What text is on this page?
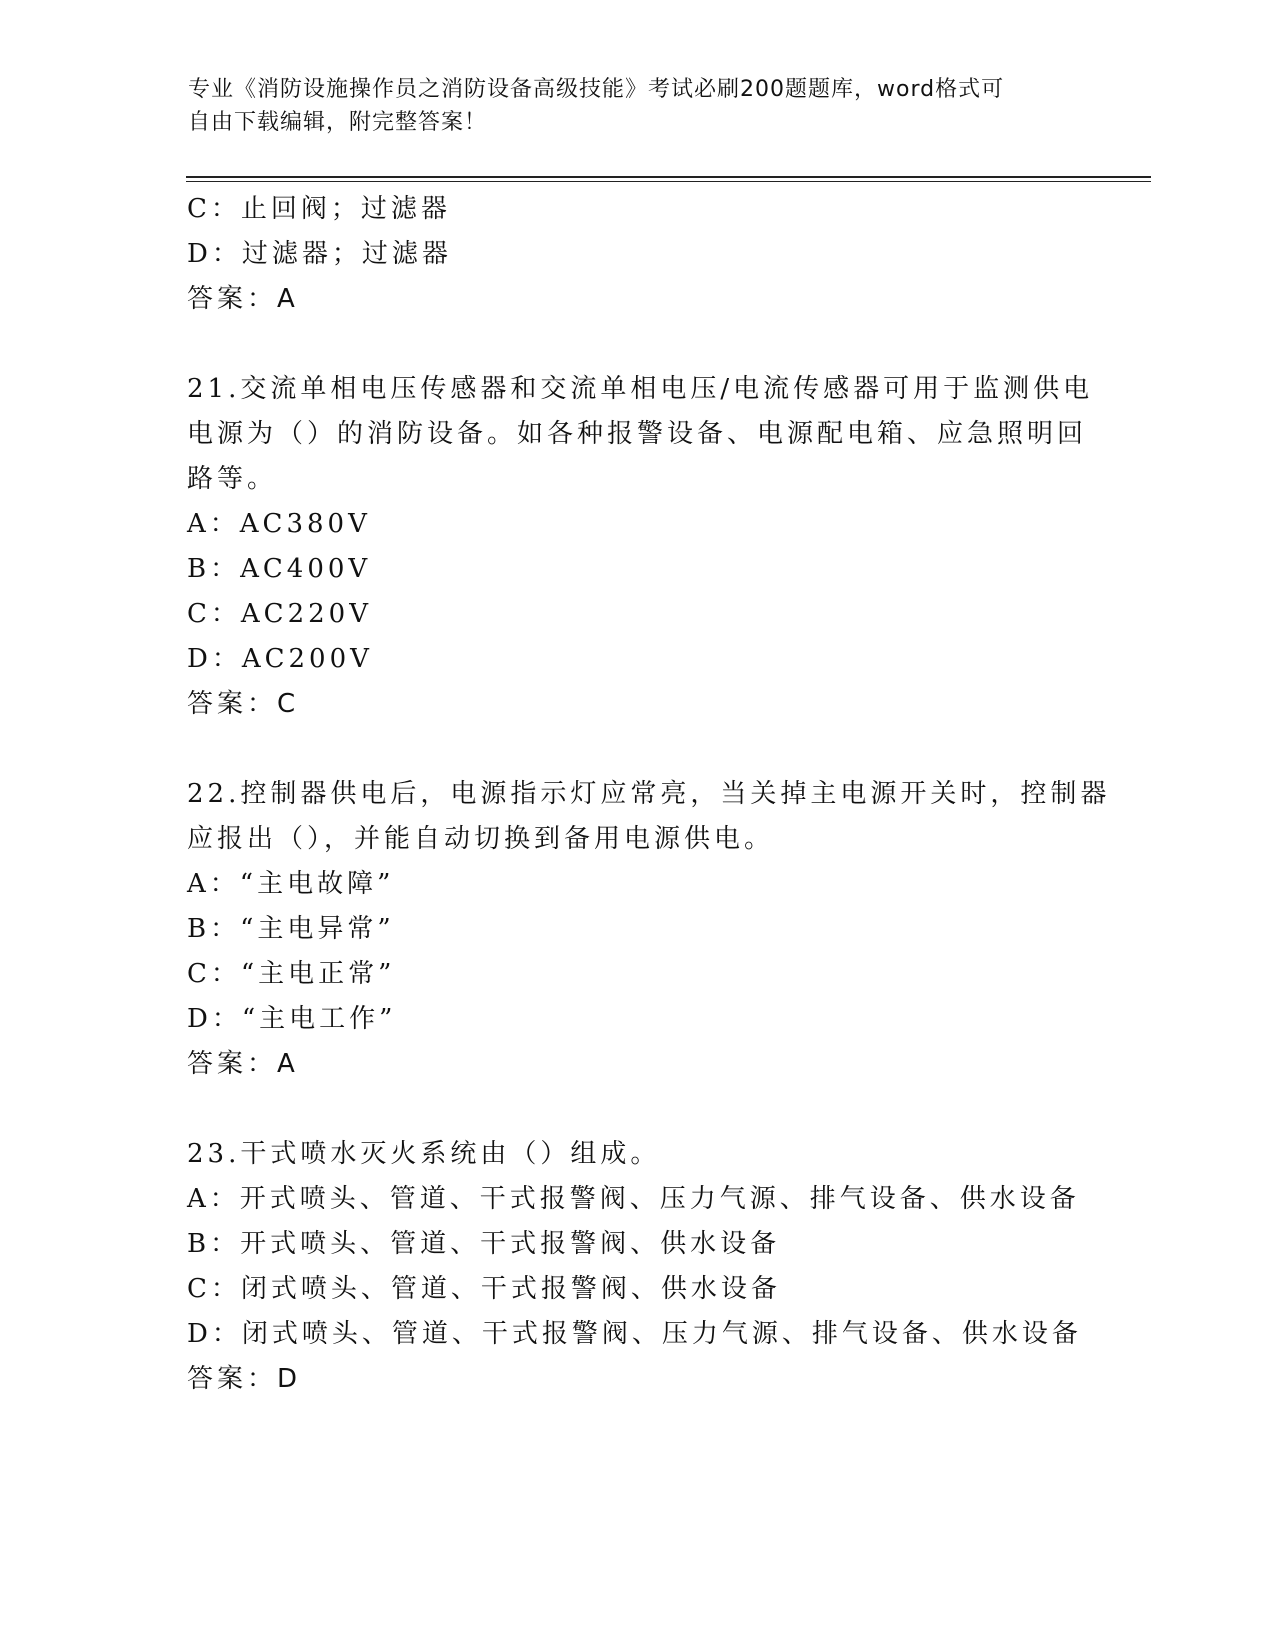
专业《消防设施操作员之消防设备高级技能》考试必刷200题题库，word格式可
自由下载编辑，附完整答案！
C：止回阀；过滤器
D：过滤器；过滤器
答案：A
21.交流单相电压传感器和交流单相电压/电流传感器可用于监测供电
电源为（）的消防设备。如各种报警设备、电源配电箱、应急照明回
路等。
A：AC380V
B：AC400V
C：AC220V
D：AC200V
答案：C
22.控制器供电后，电源指示灯应常亮，当关掉主电源开关时，控制器
应报出（），并能自动切换到备用电源供电。
A：“主电故障”
B：“主电异常”
C：“主电正常”
D：“主电工作”
答案：A
23.干式喷水灭火系统由（）组成。
A：开式喷头、管道、干式报警阀、压力气源、排气设备、供水设备
B：开式喷头、管道、干式报警阀、供水设备
C：闭式喷头、管道、干式报警阀、供水设备
D：闭式喷头、管道、干式报警阀、压力气源、排气设备、供水设备
答案：D
